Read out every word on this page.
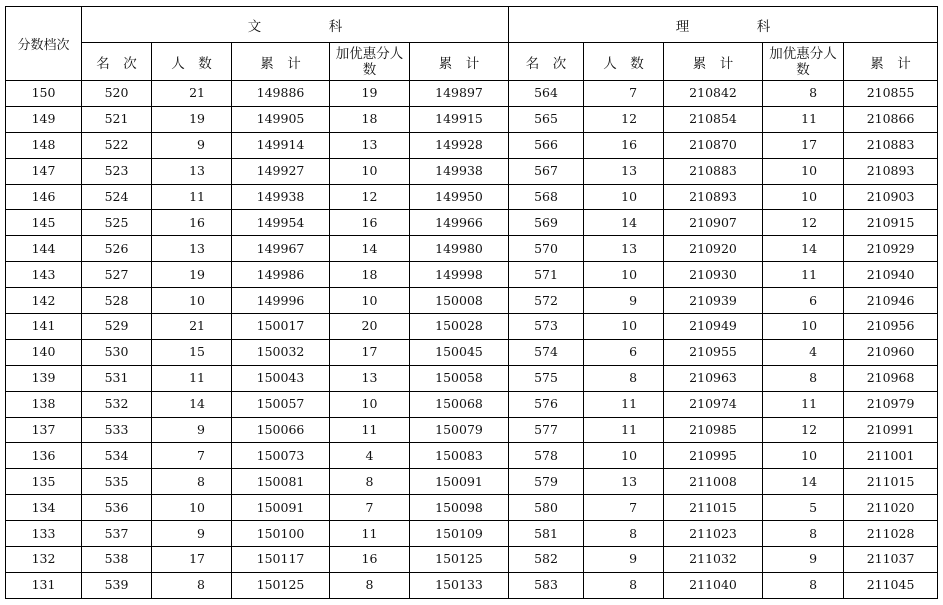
分数档次	文　　　　　科					理　　　　　科				
	名　次	人　数	累　计	加优惠分人数	累　计	名　次	人　数	累　计	加优惠分人数	累　计
150	520	21	149886	19	149897	564	7	210842	8	210855
149	521	19	149905	18	149915	565	12	210854	11	210866
148	522	9	149914	13	149928	566	16	210870	17	210883
147	523	13	149927	10	149938	567	13	210883	10	210893
146	524	11	149938	12	149950	568	10	210893	10	210903
145	525	16	149954	16	149966	569	14	210907	12	210915
144	526	13	149967	14	149980	570	13	210920	14	210929
143	527	19	149986	18	149998	571	10	210930	11	210940
142	528	10	149996	10	150008	572	9	210939	6	210946
141	529	21	150017	20	150028	573	10	210949	10	210956
140	530	15	150032	17	150045	574	6	210955	4	210960
139	531	11	150043	13	150058	575	8	210963	8	210968
138	532	14	150057	10	150068	576	11	210974	11	210979
137	533	9	150066	11	150079	577	11	210985	12	210991
136	534	7	150073	4	150083	578	10	210995	10	211001
135	535	8	150081	8	150091	579	13	211008	14	211015
134	536	10	150091	7	150098	580	7	211015	5	211020
133	537	9	150100	11	150109	581	8	211023	8	211028
132	538	17	150117	16	150125	582	9	211032	9	211037
131	539	8	150125	8	150133	583	8	211040	8	211045
